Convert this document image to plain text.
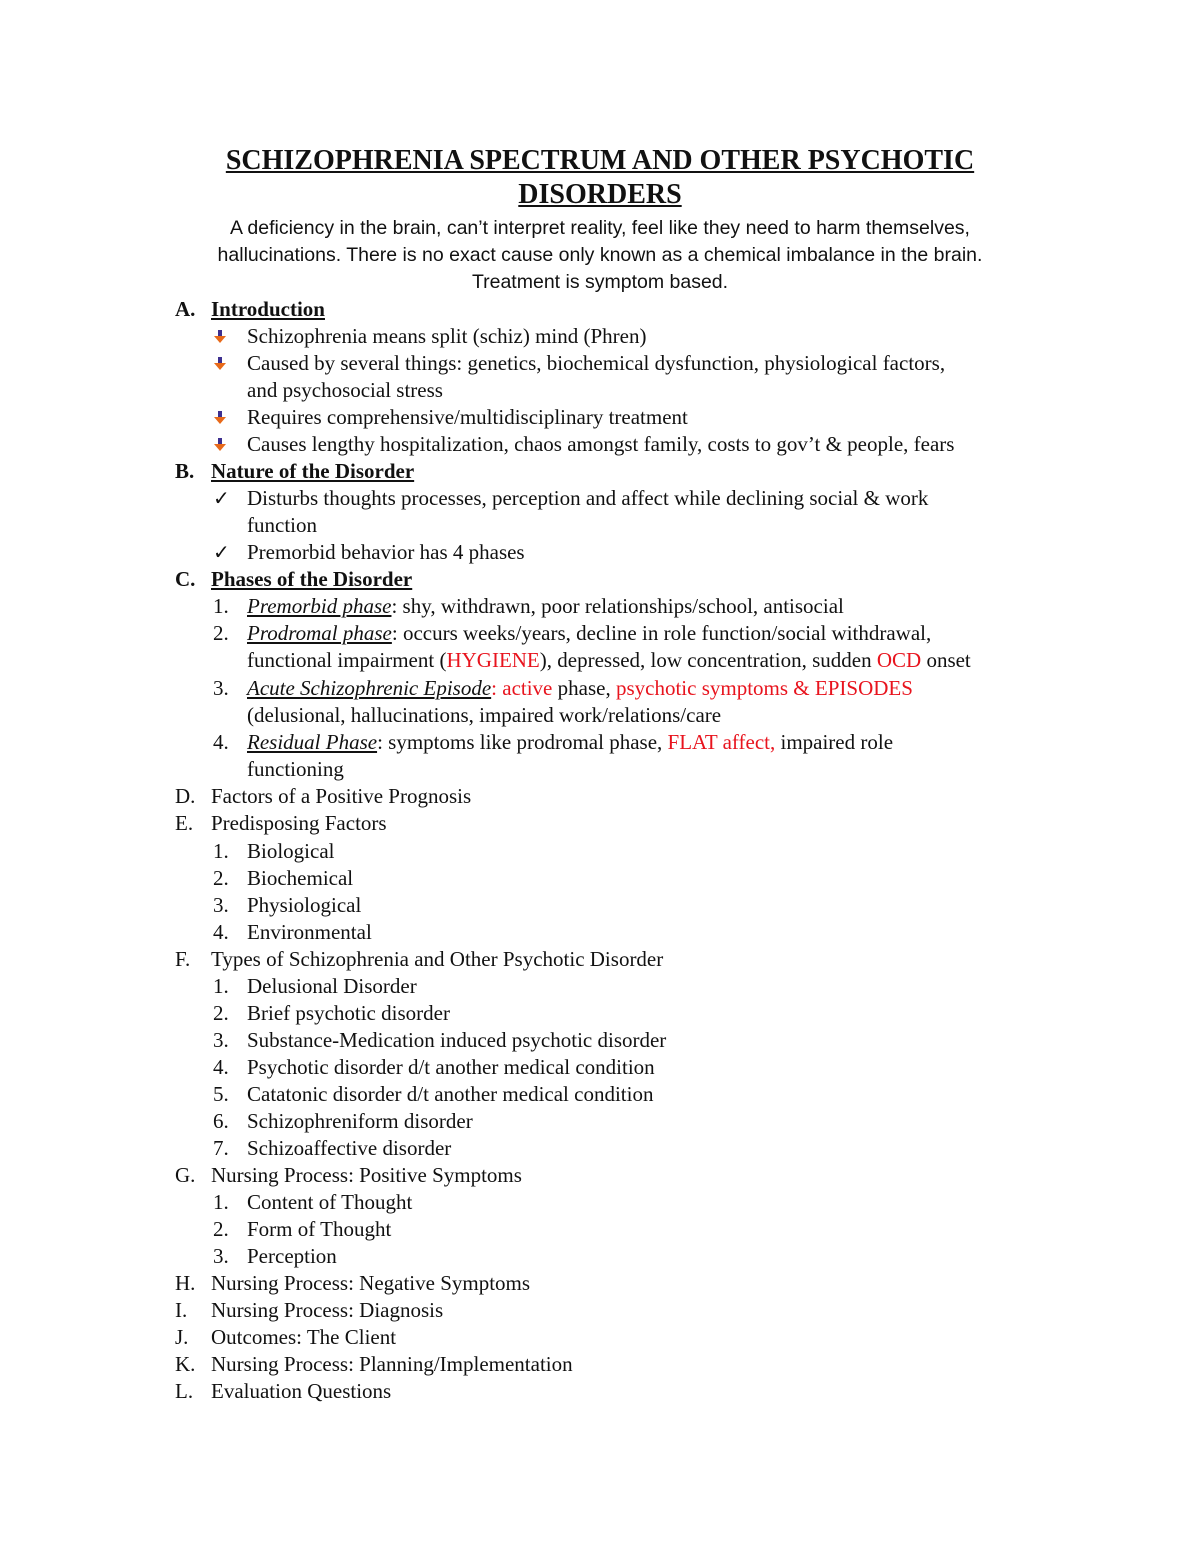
SCHIZOPHRENIA SPECTRUM AND OTHER PSYCHOTIC
DISORDERS

A deficiency in the brain, can’t interpret reality, feel like they need to harm themselves,
hallucinations. There is no exact cause only known as a chemical imbalance in the brain.
Treatment is symptom based.

A. Introduction
Schizophrenia means split (schiz) mind (Phren)
Caused by several things: genetics, biochemical dysfunction, physiological factors,
and psychosocial stress
Requires comprehensive/multidisciplinary treatment
Causes lengthy hospitalization, chaos amongst family, costs to gov’t & people, fears
B. Nature of the Disorder
✓ Disturbs thoughts processes, perception and affect while declining social & work
function
✓ Premorbid behavior has 4 phases
C. Phases of the Disorder
1. Premorbid phase: shy, withdrawn, poor relationships/school, antisocial
2. Prodromal phase: occurs weeks/years, decline in role function/social withdrawal,
functional impairment (HYGIENE), depressed, low concentration, sudden OCD onset
3. Acute Schizophrenic Episode: active phase, psychotic symptoms & EPISODES
(delusional, hallucinations, impaired work/relations/care
4. Residual Phase: symptoms like prodromal phase, FLAT affect, impaired role
functioning
D. Factors of a Positive Prognosis
E. Predisposing Factors
1. Biological
2. Biochemical
3. Physiological
4. Environmental
F. Types of Schizophrenia and Other Psychotic Disorder
1. Delusional Disorder
2. Brief psychotic disorder
3. Substance-Medication induced psychotic disorder
4. Psychotic disorder d/t another medical condition
5. Catatonic disorder d/t another medical condition
6. Schizophreniform disorder
7. Schizoaffective disorder
G. Nursing Process: Positive Symptoms
1. Content of Thought
2. Form of Thought
3. Perception
H. Nursing Process: Negative Symptoms
I. Nursing Process: Diagnosis
J. Outcomes: The Client
K. Nursing Process: Planning/Implementation
L. Evaluation Questions
